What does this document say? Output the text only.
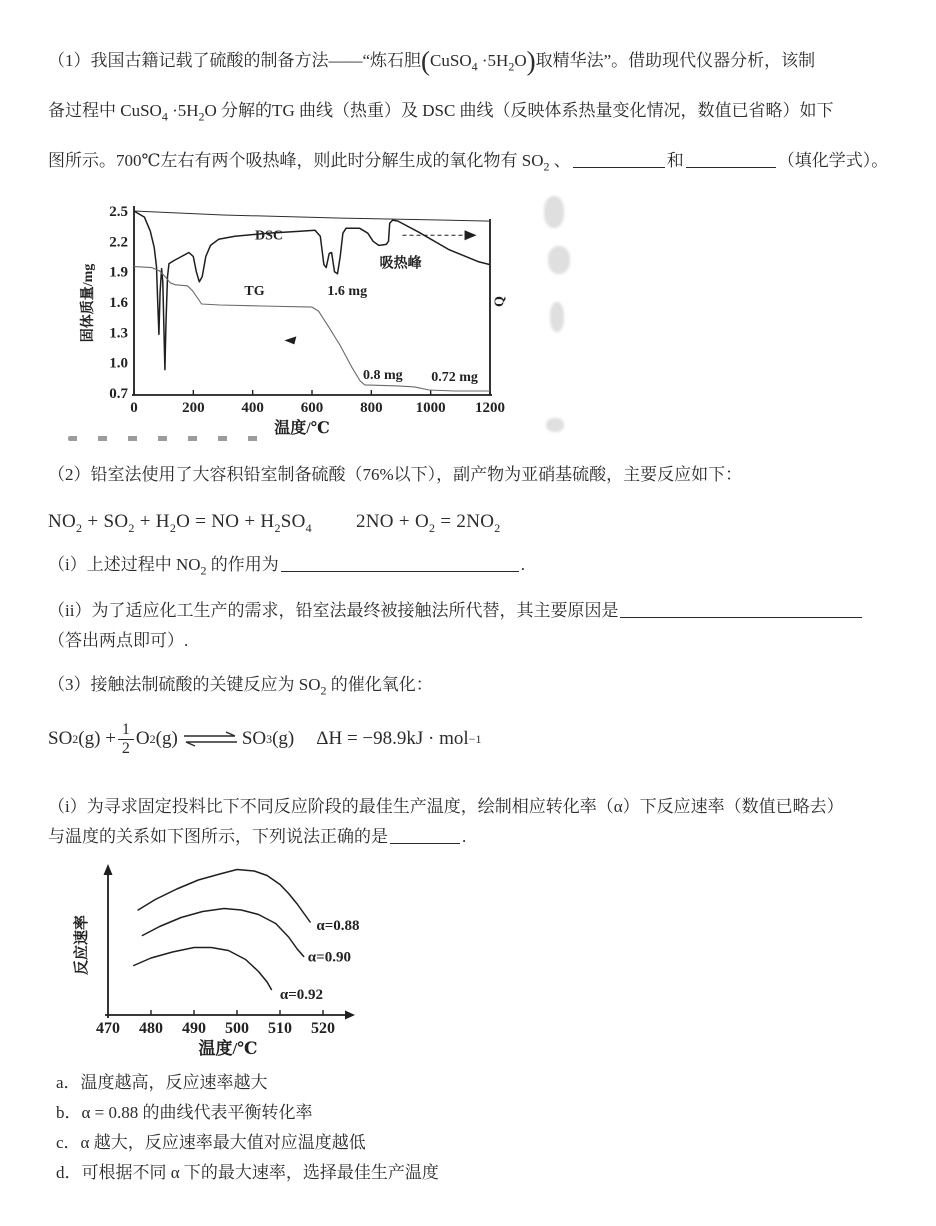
（1）我国古籍记载了硫酸的制备方法——“炼石胆(CuSO$_4$ $\cdot 5H_2O$)取精华法”。借助现代仪器分析，该制
备过程中 CuSO$_4$ $\cdot 5H_2O$ 分解的TG 曲线（热重）及 DSC 曲线（反映体系热量变化情况，数值已省略）如下
图所示。700℃左右有两个吸热峰，则此时分解生成的氧化物有 $SO_2$ 、	和	（填化学式）。
0	200 400 600 800 1000 1200
2.5
2.2
1.9
1.6
1.3
1.0
0.7
温度/℃
固体质量/mg
DSC
吸热峰
TG	1.6 mg
0.8 mg 0.72 mg
Q
（2）铅室法使用了大容积铅室制备硫酸（76%以下），副产物为亚硝基硫酸，主要反应如下：
$NO_2 + SO_2 + H_2O$ = NO + $H_2SO_4$ $2NO + O_2 = 2NO_2$
（i）上述过程中 $NO_2$ 的作用为	.
（ii）为了适应化工生产的需求，铅室法最终被接触法所代替，其主要原因是
（答出两点即可）.
（3）接触法制硫酸的关键反应为 $SO_2$ 的催化氧化：
SO 2 $(g) + \frac{1}{2}$ O 2 (g) ⇌ SO 3 (g) ΔH = −98.9kJ · mol −1
（i）为寻求固定投料比下不同反应阶段的最佳生产温度，绘制相应转化率（α）下反应速率（数值已略去）
与温度的关系如下图所示，下列说法正确的是	.
470 480 490 500 510 520
温度/℃
反应速率	α=0.88
α=0.90
α=0.92
a．温度越高，反应速率越大
b．α = 0.88 的曲线代表平衡转化率
c．α 越大，反应速率最大值对应温度越低
d．可根据不同 α 下的最大速率，选择最佳生产温度
